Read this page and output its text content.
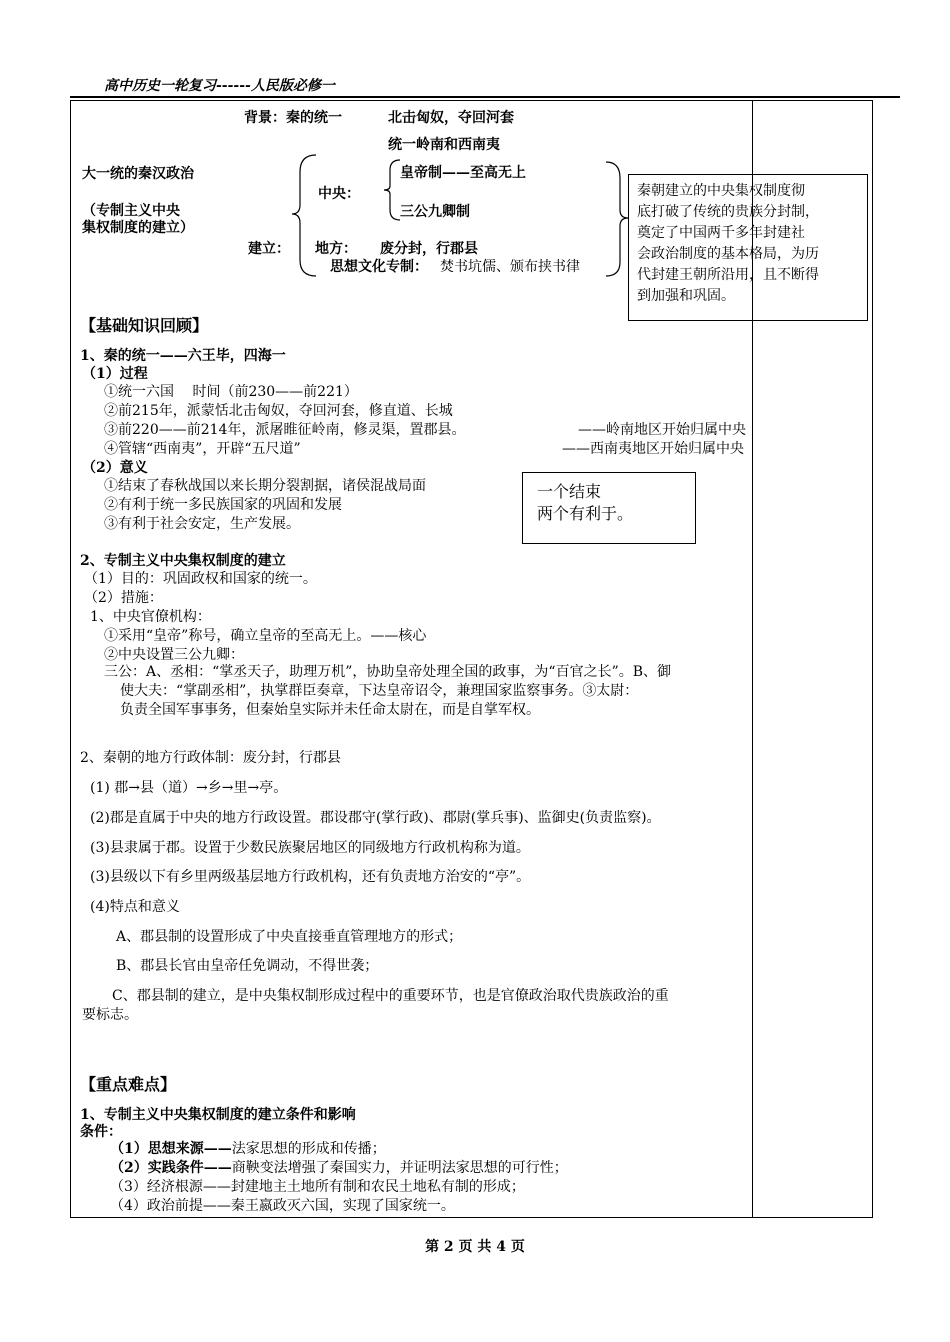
高中历史一轮复习------人民版必修一
背景：秦的统一	北击匈奴，夺回河套
统一岭南和西南夷
大一统的秦汉政治
（专制主义中央
集权制度的建立）
中央：
皇帝制——至高无上
三公九卿制
建立： 地方： 废分封，行郡县
思想文化专制： 焚书坑儒、颁布挟书律
秦朝建立的中央集权制度彻
底打破了传统的贵族分封制，
奠定了中国两千多年封建社
会政治制度的基本格局，为历
代封建王朝所沿用，且不断得
到加强和巩固。
【基础知识回顾】
1、秦的统一——六王毕，四海一
（1）过程
①统一六国　 时间（前230——前221）
②前215年，派蒙恬北击匈奴，夺回河套，修直道、长城
③前220——前214年，派屠睢征岭南，修灵渠，置郡县。
④管辖“西南夷”，开辟“五尺道”
——岭南地区开始归属中央
——西南夷地区开始归属中央
（2）意义
①结束了春秋战国以来长期分裂割据，诸侯混战局面
②有利于统一多民族国家的巩固和发展
③有利于社会安定，生产发展。
一个结束
两个有利于。
2、专制主义中央集权制度的建立
（1）目的：巩固政权和国家的统一。
（2）措施：
1、中央官僚机构：
①采用“皇帝”称号，确立皇帝的至高无上。——核心
②中央设置三公九卿：
三公：A、丞相：“掌丞天子，助理万机”，协助皇帝处理全国的政事，为“百官之长”。B、御
使大夫：“掌副丞相”，执掌群臣奏章，下达皇帝诏令，兼理国家监察事务。③太尉：
负责全国军事事务，但秦始皇实际并未任命太尉在，而是自掌军权。
2、秦朝的地方行政体制：废分封，行郡县
(1) 郡→县（道）→乡→里→亭。
(2)郡是直属于中央的地方行政设置。郡设郡守(掌行政)、郡尉(掌兵事)、监御史(负责监察)。
(3)县隶属于郡。设置于少数民族聚居地区的同级地方行政机构称为道。
(3)县级以下有乡里两级基层地方行政机构，还有负责地方治安的“亭”。
(4)特点和意义
A、郡县制的设置形成了中央直接垂直管理地方的形式；
B、郡县长官由皇帝任免调动，不得世袭；
C、郡县制的建立，是中央集权制形成过程中的重要环节，也是官僚政治取代贵族政治的重
要标志。
【重点难点】
1、专制主义中央集权制度的建立条件和影响
条件：
（1）思想来源——法家思想的形成和传播；
（2）实践条件——商鞅变法增强了秦国实力，并证明法家思想的可行性；
（3）经济根源——封建地主土地所有制和农民土地私有制的形成；
（4）政治前提——秦王嬴政灭六国，实现了国家统一。
第 2 页 共 4 页
